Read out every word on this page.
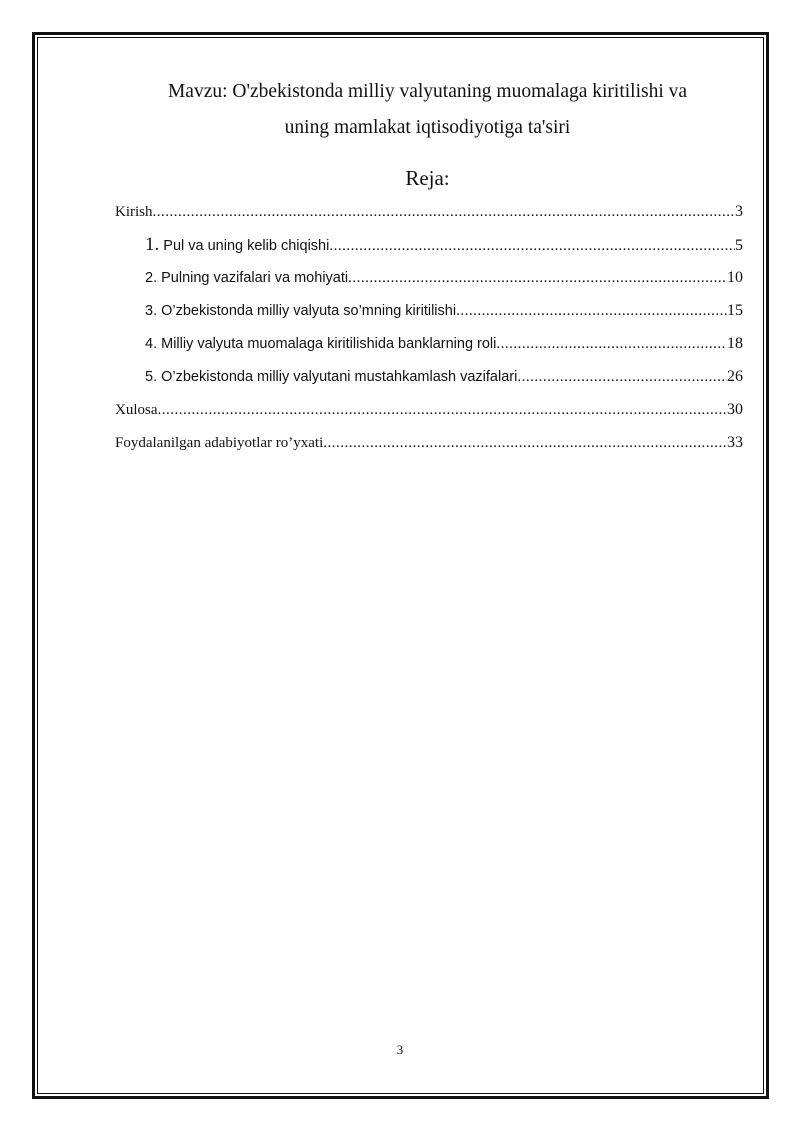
Mavzu: O'zbekistonda milliy valyutaning muomalaga kiritilishi va
uning mamlakat iqtisodiyotiga ta'siri
Reja:
Kirish .....	3
1. Pul va uning kelib chiqishi .....	5
2. Pulning vazifalari va mohiyati .....	10
3. O’zbekistonda milliy valyuta so’mning kiritilishi .....	15
4. Milliy valyuta muomalaga kiritilishida banklarning roli .....	18
5. O’zbekistonda milliy valyutani mustahkamlash vazifalari .....	26
Xulosa .....	30
Foydalanilgan adabiyotlar ro’yxati .....	33
3
